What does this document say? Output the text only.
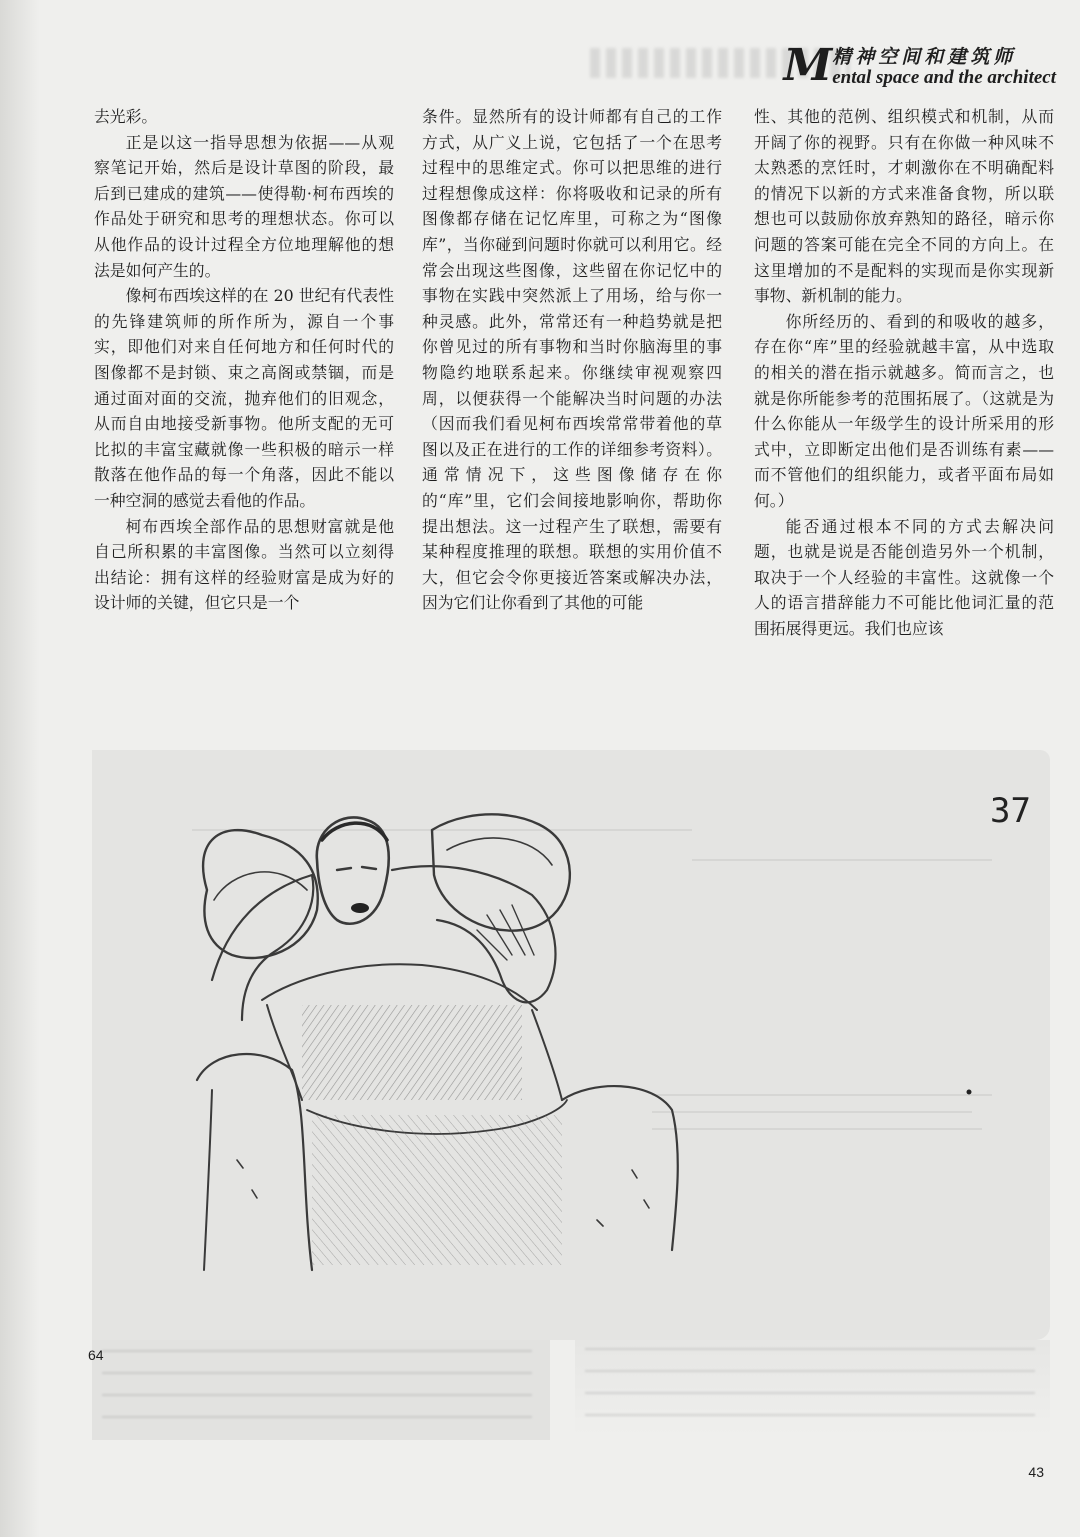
M 精神空间和建筑师
ental space and the architect

去光彩。

正是以这一指导思想为依据——从观察笔记开始，然后是设计草图的阶段，最后到已建成的建筑——使得勒·柯布西埃的作品处于研究和思考的理想状态。你可以从他作品的设计过程全方位地理解他的想法是如何产生的。

像柯布西埃这样的在 20 世纪有代表性的先锋建筑师的所作所为，源自一个事实，即他们对来自任何地方和任何时代的图像都不是封锁、束之高阁或禁锢，而是通过面对面的交流，抛弃他们的旧观念，从而自由地接受新事物。他所支配的无可比拟的丰富宝藏就像一些积极的暗示一样散落在他作品的每一个角落，因此不能以一种空洞的感觉去看他的作品。

柯布西埃全部作品的思想财富就是他自己所积累的丰富图像。当然可以立刻得出结论：拥有这样的经验财富是成为好的设计师的关键，但它只是一个

条件。显然所有的设计师都有自己的工作方式，从广义上说，它包括了一个在思考过程中的思维定式。你可以把思维的进行过程想像成这样：你将吸收和记录的所有图像都存储在记忆库里，可称之为“图像库”，当你碰到问题时你就可以利用它。经常会出现这些图像，这些留在你记忆中的事物在实践中突然派上了用场，给与你一种灵感。此外，常常还有一种趋势就是把你曾见过的所有事物和当时你脑海里的事物隐约地联系起来。你继续审视观察四周，以便获得一个能解决当时问题的办法（因而我们看见柯布西埃常常带着他的草图以及正在进行的工作的详细参考资料）。通常情况下，这些图像储存在你的“库”里，它们会间接地影响你，帮助你提出想法。这一过程产生了联想，需要有某种程度推理的联想。联想的实用价值不大，但它会令你更接近答案或解决办法，因为它们让你看到了其他的可能

性、其他的范例、组织模式和机制，从而开阔了你的视野。只有在你做一种风味不太熟悉的烹饪时，才刺激你在不明确配料的情况下以新的方式来准备食物，所以联想也可以鼓励你放弃熟知的路径，暗示你问题的答案可能在完全不同的方向上。在这里增加的不是配料的实现而是你实现新事物、新机制的能力。

你所经历的、看到的和吸收的越多，存在你“库”里的经验就越丰富，从中选取的相关的潜在指示就越多。简而言之，也就是你所能参考的范围拓展了。（这就是为什么你能从一年级学生的设计所采用的形式中，立即断定出他们是否训练有素——而不管他们的组织能力，或者平面布局如何。）

能否通过根本不同的方式去解决问题，也就是说是否能创造另外一个机制，取决于一个人经验的丰富性。这就像一个人的语言措辞能力不可能比他词汇量的范围拓展得更远。我们也应该

37
64
43
